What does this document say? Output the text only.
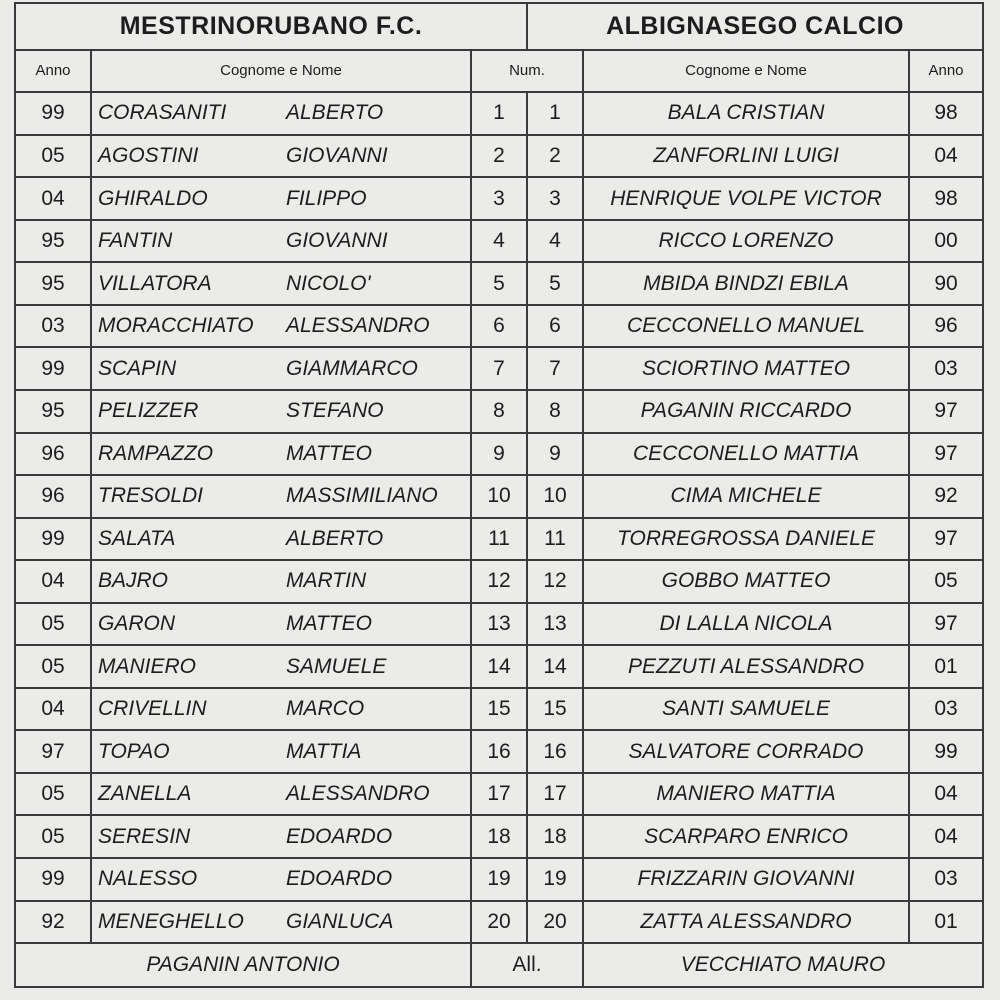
MESTRINORUBANO F.C.			ALBIGNASEGO CALCIO		
Anno	Cognome e Nome	Num.		Cognome e Nome	Anno
99	CORASANITI ALBERTO	1	1	BALA CRISTIAN	98
05	AGOSTINI GIOVANNI	2	2	ZANFORLINI LUIGI	04
04	GHIRALDO FILIPPO	3	3	HENRIQUE VOLPE VICTOR	98
95	FANTIN GIOVANNI	4	4	RICCO LORENZO	00
95	VILLATORA NICOLO'	5	5	MBIDA BINDZI EBILA	90
03	MORACCHIATO ALESSANDRO	6	6	CECCONELLO MANUEL	96
99	SCAPIN GIAMMARCO	7	7	SCIORTINO MATTEO	03
95	PELIZZER STEFANO	8	8	PAGANIN RICCARDO	97
96	RAMPAZZO MATTEO	9	9	CECCONELLO MATTIA	97
96	TRESOLDI MASSIMILIANO	10	10	CIMA MICHELE	92
99	SALATA ALBERTO	11	11	TORREGROSSA DANIELE	97
04	BAJRO MARTIN	12	12	GOBBO MATTEO	05
05	GARON MATTEO	13	13	DI LALLA NICOLA	97
05	MANIERO SAMUELE	14	14	PEZZUTI ALESSANDRO	01
04	CRIVELLIN MARCO	15	15	SANTI SAMUELE	03
97	TOPAO MATTIA	16	16	SALVATORE CORRADO	99
05	ZANELLA ALESSANDRO	17	17	MANIERO MATTIA	04
05	SERESIN EDOARDO	18	18	SCARPARO ENRICO	04
99	NALESSO EDOARDO	19	19	FRIZZARIN GIOVANNI	03
92	MENEGHELLO GIANLUCA	20	20	ZATTA ALESSANDRO	01
PAGANIN ANTONIO		All.		VECCHIATO MAURO	
